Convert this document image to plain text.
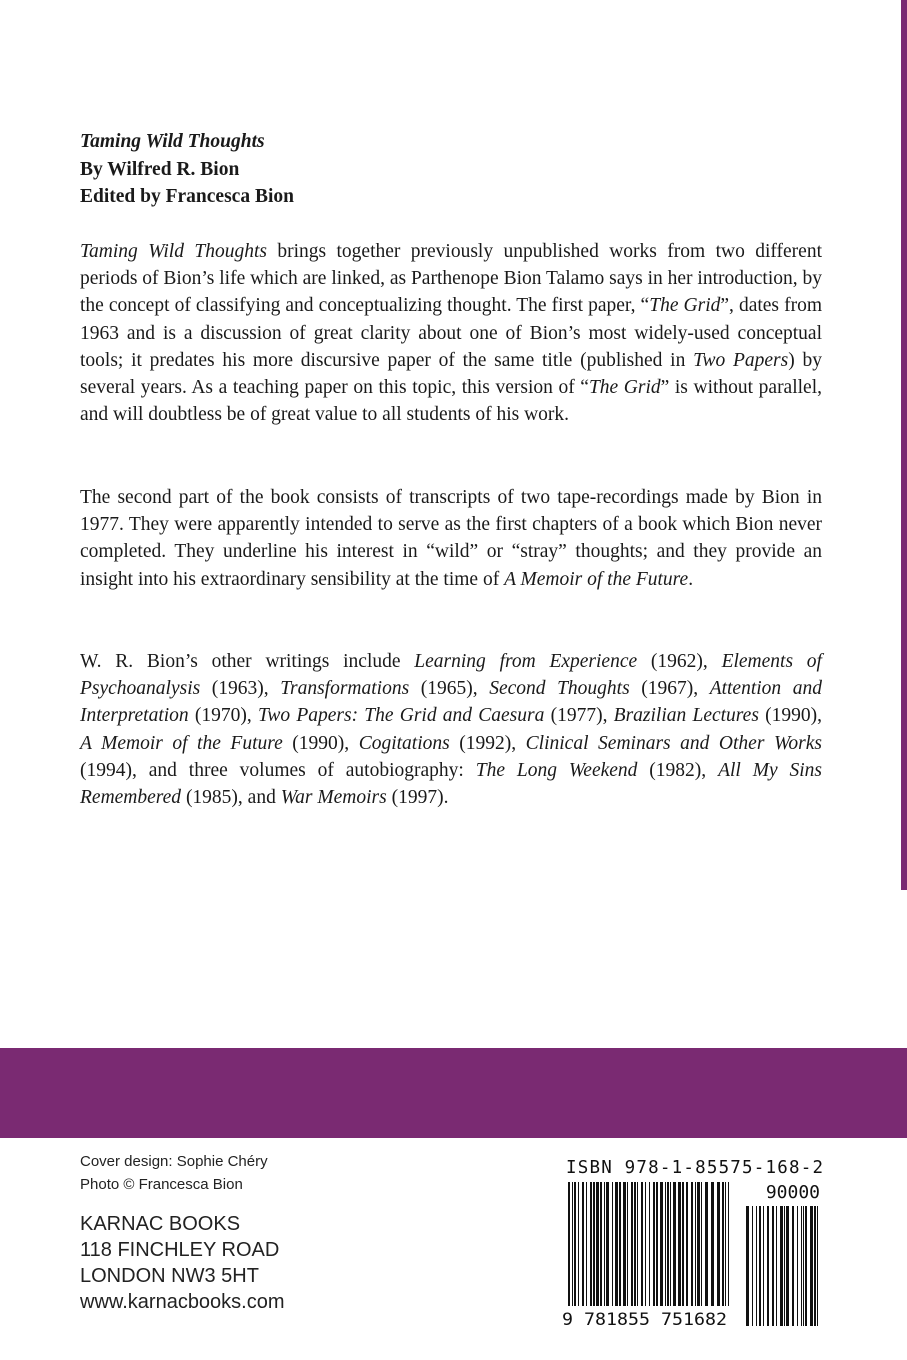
Taming Wild Thoughts
By Wilfred R. Bion
Edited by Francesca Bion

Taming Wild Thoughts brings together previously unpublished works from two different periods of Bion’s life which are linked, as Parthenope Bion Talamo says in her introduction, by the concept of classifying and conceptualizing thought. The first paper, “The Grid”, dates from 1963 and is a discussion of great clarity about one of Bion’s most widely-used conceptual tools; it predates his more discursive paper of the same title (published in Two Papers) by several years. As a teaching paper on this topic, this version of “The Grid” is without parallel, and will doubtless be of great value to all students of his work.

The second part of the book consists of transcripts of two tape-recordings made by Bion in 1977. They were apparently intended to serve as the first chapters of a book which Bion never completed. They underline his interest in “wild” or “stray” thoughts; and they provide an insight into his extraordinary sensibility at the time of A Memoir of the Future.

W. R. Bion’s other writings include Learning from Experience (1962), Elements of Psychoanalysis (1963), Transformations (1965), Second Thoughts (1967), Attention and Interpretation (1970), Two Papers: The Grid and Caesura (1977), Brazilian Lectures (1990), A Memoir of the Future (1990), Cogitations (1992), Clinical Seminars and Other Works (1994), and three volumes of autobiography: The Long Weekend (1982), All My Sins Remembered (1985), and War Memoirs (1997).

Cover design: Sophie Chéry
Photo © Francesca Bion
KARNAC BOOKS
118 FINCHLEY ROAD
LONDON NW3 5HT
www.karnacbooks.com
ISBN 978-1-85575-168-2
90000
9 781855 751682
